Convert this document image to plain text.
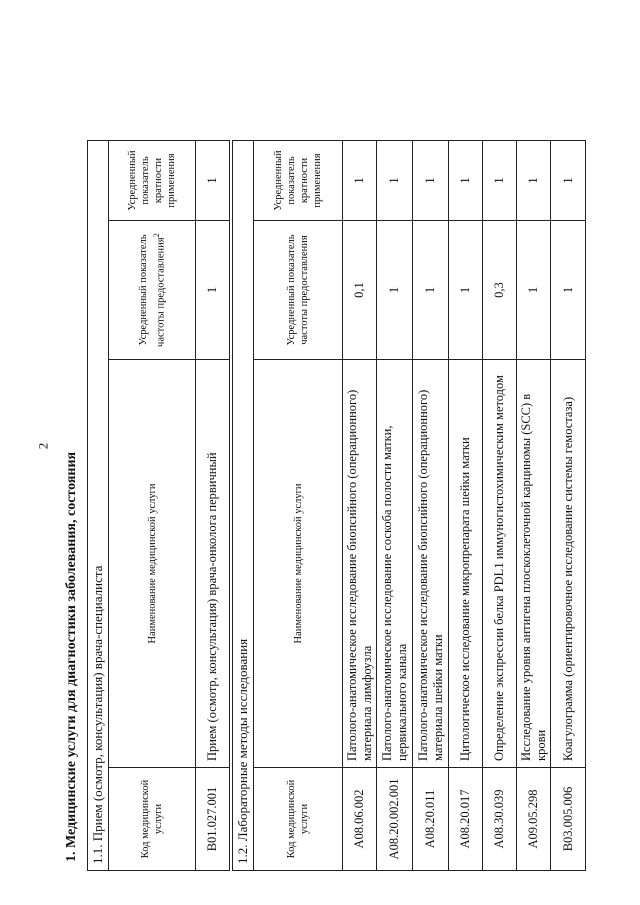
2
1. Медицинские услуги для диагностики заболевания, состояния 1.1. Прием (осмотр, консультация) врача-специалиста			
Код медицинской услуги	Наименование медицинской услуги	Усредненный показатель частоты предоставления$^2$	Усредненный показатель кратности применения
B01.027.001	Прием (осмотр, консультация) врача-онколога первичный	1	1
1.2. Лабораторные методы исследования			
Код медицинской услуги	Наименование медицинской услуги	Усредненный показатель частоты предоставления	Усредненный показатель кратности применения
A08.06.002	Патолого-анатомическое исследование биопсийного (операционного) материала лимфоузла	0,1	1
A08.20.002.001	Патолого-анатомическое исследование соскоба полости матки, цервикального канала	1	1
A08.20.011	Патолого-анатомическое исследование биопсийного (операционного) материала шейки матки	1	1
A08.20.017	Цитологическое исследование микропрепарата шейки матки	1	1
A08.30.039	Определение экспрессии белка PDL1 иммуногистохимическим методом	0,3	1
A09.05.298	Исследование уровня антигена плоскоклеточной карциномы (SCC) в крови	1	1
B03.005.006	Коагулограмма (ориентировочное исследование системы гемостаза)	1	1
